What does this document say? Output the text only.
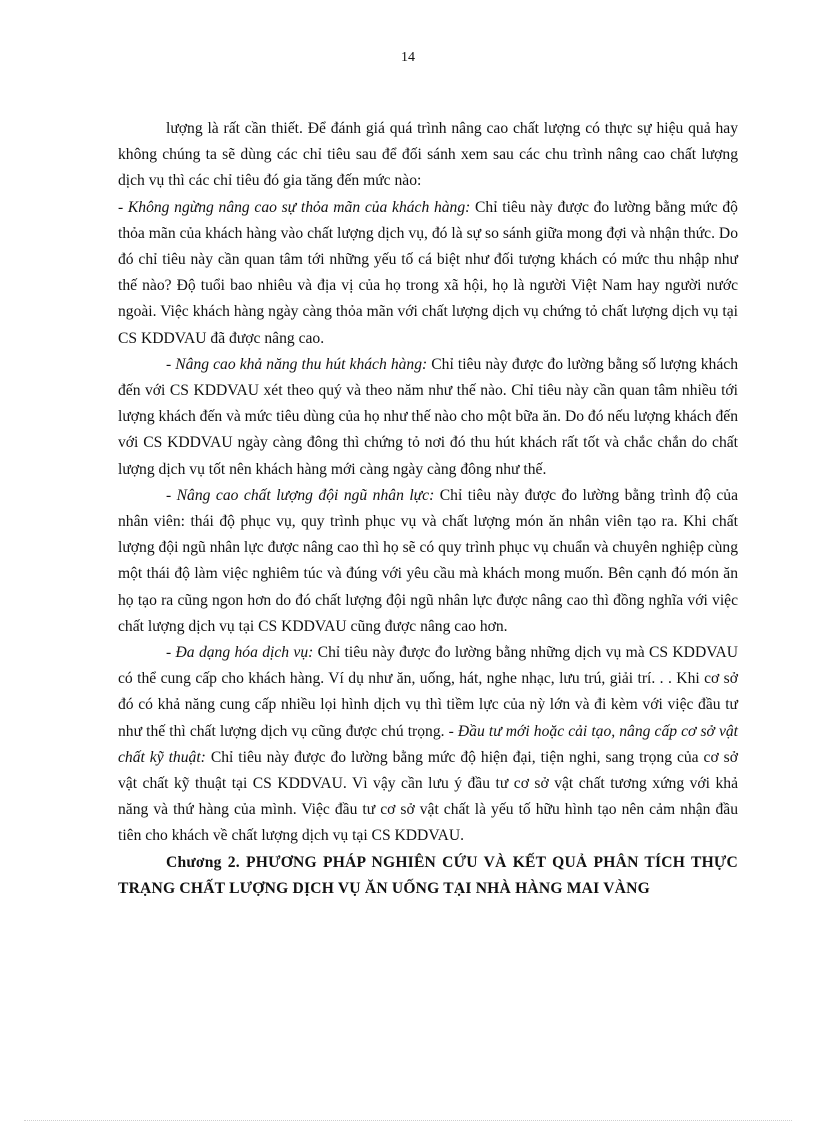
14

lượng là rất cần thiết. Để đánh giá quá trình nâng cao chất lượng có thực sự hiệu quả hay không chúng ta sẽ dùng các chỉ tiêu sau để đối sánh xem sau các chu trình nâng cao chất lượng dịch vụ thì các chỉ tiêu đó gia tăng đến mức nào:

- Không ngừng nâng cao sự thỏa mãn của khách hàng: Chỉ tiêu này được đo lường bằng mức độ thỏa mãn của khách hàng vào chất lượng dịch vụ, đó là sự so sánh giữa mong đợi và nhận thức. Do đó chỉ tiêu này cần quan tâm tới những yếu tố cá biệt như đối tượng khách có mức thu nhập như thế nào? Độ tuổi bao nhiêu và địa vị của họ trong xã hội, họ là người Việt Nam hay người nước ngoài. Việc khách hàng ngày càng thỏa mãn với chất lượng dịch vụ chứng tỏ chất lượng dịch vụ tại CS KDDVAU đã được nâng cao.

- Nâng cao khả năng thu hút khách hàng: Chỉ tiêu này được đo lường bằng số lượng khách đến với CS KDDVAU xét theo quý và theo năm như thế nào. Chỉ tiêu này cần quan tâm nhiều tới lượng khách đến và mức tiêu dùng của họ như thế nào cho một bữa ăn. Do đó nếu lượng khách đến với CS KDDVAU ngày càng đông thì chứng tỏ nơi đó thu hút khách rất tốt và chắc chắn do chất lượng dịch vụ tốt nên khách hàng mới càng ngày càng đông như thế.

- Nâng cao chất lượng đội ngũ nhân lực: Chỉ tiêu này được đo lường bằng trình độ của nhân viên: thái độ phục vụ, quy trình phục vụ và chất lượng món ăn nhân viên tạo ra. Khi chất lượng đội ngũ nhân lực được nâng cao thì họ sẽ có quy trình phục vụ chuẩn và chuyên nghiệp cùng một thái độ làm việc nghiêm túc và đúng với yêu cầu mà khách mong muốn. Bên cạnh đó món ăn họ tạo ra cũng ngon hơn do đó chất lượng đội ngũ nhân lực được nâng cao thì đồng nghĩa với việc chất lượng dịch vụ tại CS KDDVAU cũng được nâng cao hơn.

- Đa dạng hóa dịch vụ: Chỉ tiêu này được đo lường bằng những dịch vụ mà CS KDDVAU có thể cung cấp cho khách hàng. Ví dụ như ăn, uống, hát, nghe nhạc, lưu trú, giải trí. . . Khi cơ sở đó có khả năng cung cấp nhiều lọi hình dịch vụ thì tiềm lực của nỳ lớn và đi kèm với việc đầu tư như thế thì chất lượng dịch vụ cũng được chú trọng. - Đầu tư mới hoặc cải tạo, nâng cấp cơ sở vật chất kỹ thuật: Chỉ tiêu này được đo lường bằng mức độ hiện đại, tiện nghi, sang trọng của cơ sở vật chất kỹ thuật tại CS KDDVAU. Vì vậy cần lưu ý đầu tư cơ sở vật chất tương xứng với khả năng và thứ hàng của mình. Việc đầu tư cơ sở vật chất là yếu tố hữu hình tạo nên cảm nhận đầu tiên cho khách về chất lượng dịch vụ tại CS KDDVAU.

Chương 2. PHƯƠNG PHÁP NGHIÊN CỨU VÀ KẾT QUẢ PHÂN TÍCH THỰC TRẠNG CHẤT LƯỢNG DỊCH VỤ ĂN UỐNG TẠI NHÀ HÀNG MAI VÀNG
